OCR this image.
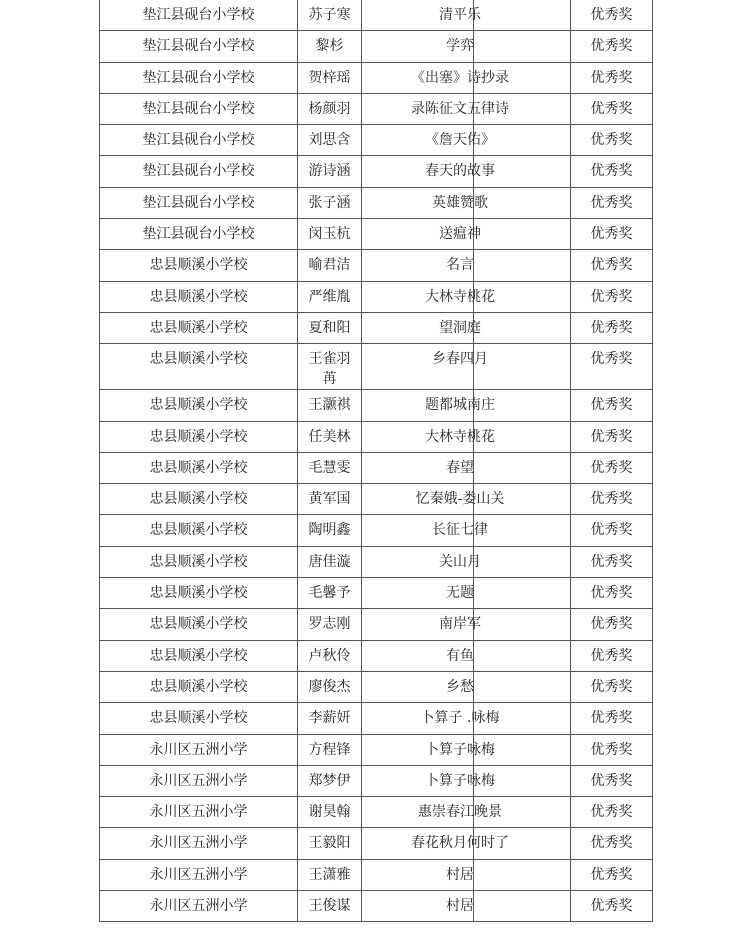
垫江县砚台小学校	苏子寒	清平乐	优秀奖
垫江县砚台小学校	黎杉	学弈	优秀奖
垫江县砚台小学校	贺梓瑶	《出塞》诗抄录	优秀奖
垫江县砚台小学校	杨颜羽	录陈征文五律诗	优秀奖
垫江县砚台小学校	刘思含	《詹天佑》	优秀奖
垫江县砚台小学校	游诗涵	春天的故事	优秀奖
垫江县砚台小学校	张子涵	英雄赞歌	优秀奖
垫江县砚台小学校	闵玉杭	送瘟神	优秀奖
忠县顺溪小学校	喻君洁	名言	优秀奖
忠县顺溪小学校	严维胤	大林寺桃花	优秀奖
忠县顺溪小学校	夏和阳	望洞庭	优秀奖
忠县顺溪小学校	王雀羽苒	乡春四月	优秀奖
忠县顺溪小学校	王灏祺	题都城南庄	优秀奖
忠县顺溪小学校	任美林	大林寺桃花	优秀奖
忠县顺溪小学校	毛慧雯	春望	优秀奖
忠县顺溪小学校	黄军国	忆秦娥-娄山关	优秀奖
忠县顺溪小学校	陶明鑫	长征七律	优秀奖
忠县顺溪小学校	唐佳漩	关山月	优秀奖
忠县顺溪小学校	毛馨予	无题	优秀奖
忠县顺溪小学校	罗志刚	南岸军	优秀奖
忠县顺溪小学校	卢秋伶	有鱼	优秀奖
忠县顺溪小学校	廖俊杰	乡愁	优秀奖
忠县顺溪小学校	李薪妍	卜算子 .咏梅	优秀奖
永川区五洲小学	方程锋	卜算子咏梅	优秀奖
永川区五洲小学	郑梦伊	卜算子咏梅	优秀奖
永川区五洲小学	谢昊翰	惠崇春江晚景	优秀奖
永川区五洲小学	王毅阳	春花秋月何时了	优秀奖
永川区五洲小学	王潇雅	村居	优秀奖
永川区五洲小学	王俊谋	村居	优秀奖
